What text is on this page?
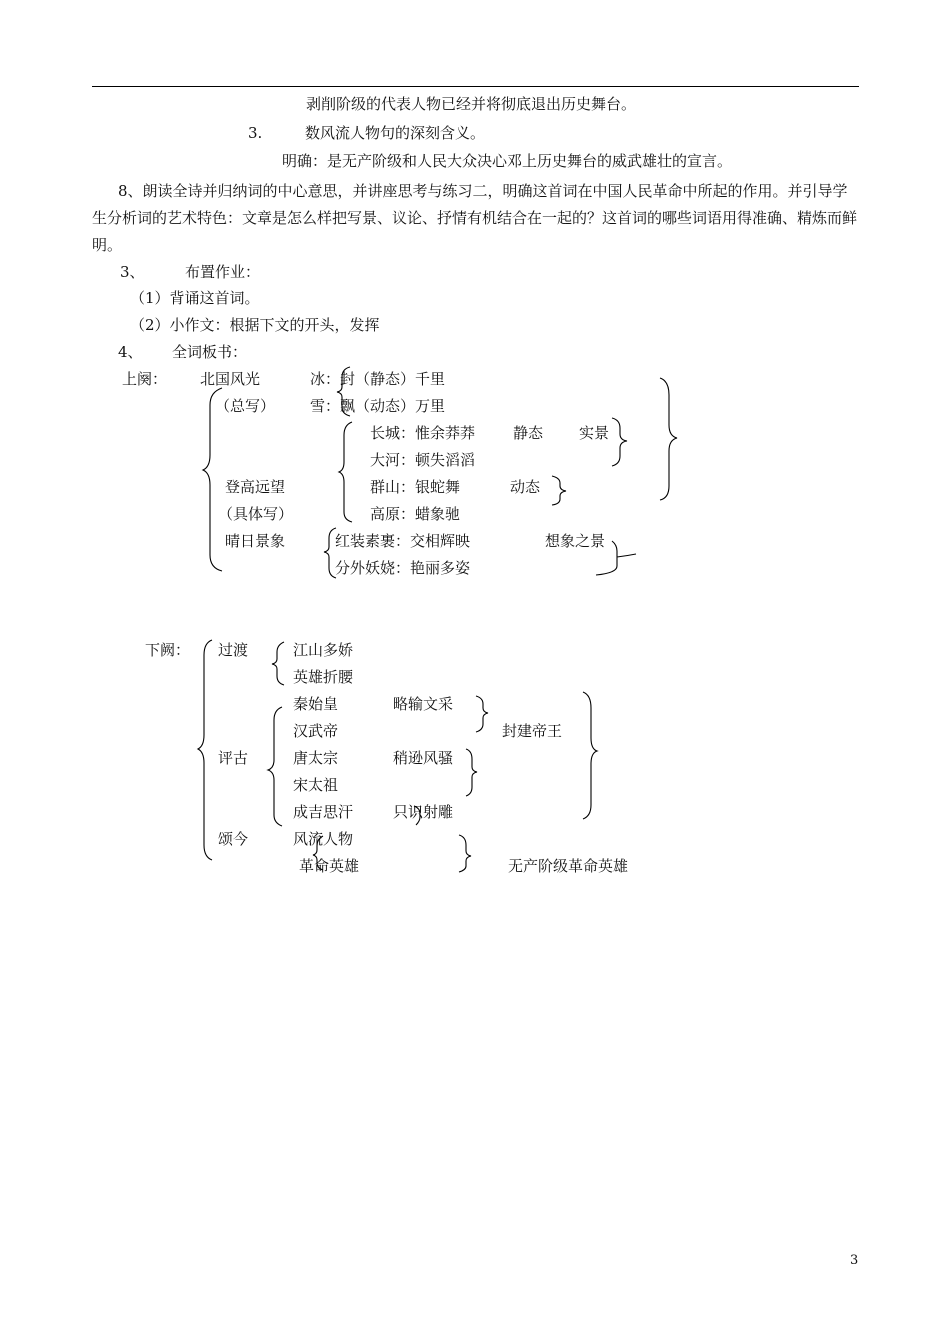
剥削阶级的代表人物已经并将彻底退出历史舞台。
3.	数风流人物句的深刻含义。
明确：是无产阶级和人民大众决心邓上历史舞台的威武雄壮的宣言。
8、朗读全诗并归纳词的中心意思，并讲座思考与练习二，明确这首词在中国人民革命中所起的作用。并引导学生分析词的艺术特色：文章是怎么样把写景、议论、抒情有机结合在一起的？这首词的哪些词语用得准确、精炼而鲜明。
3、	布置作业：
（1）背诵这首词。
（2）小作文：根据下文的开头，发挥
4、 全词板书：
上阕： 北国风光	冰：封（静态）千里
（总写） 雪：飘（动态）万里
长城：惟余莽莽	静态 实景
大河：顿失滔滔
登高远望	群山：银蛇舞	动态
（具体写）	高原：蜡象驰
晴日景象	红装素裹：交相辉映	想象之景
分外妖娆：艳丽多姿
下阙： 过渡	江山多娇
英雄折腰
秦始皇	略输文采
汉武帝	封建帝王
评古	唐太宗	稍逊风骚
宋太祖
成吉思汗	只识射雕
颂今	风流人物
革命英雄	无产阶级革命英雄
3
